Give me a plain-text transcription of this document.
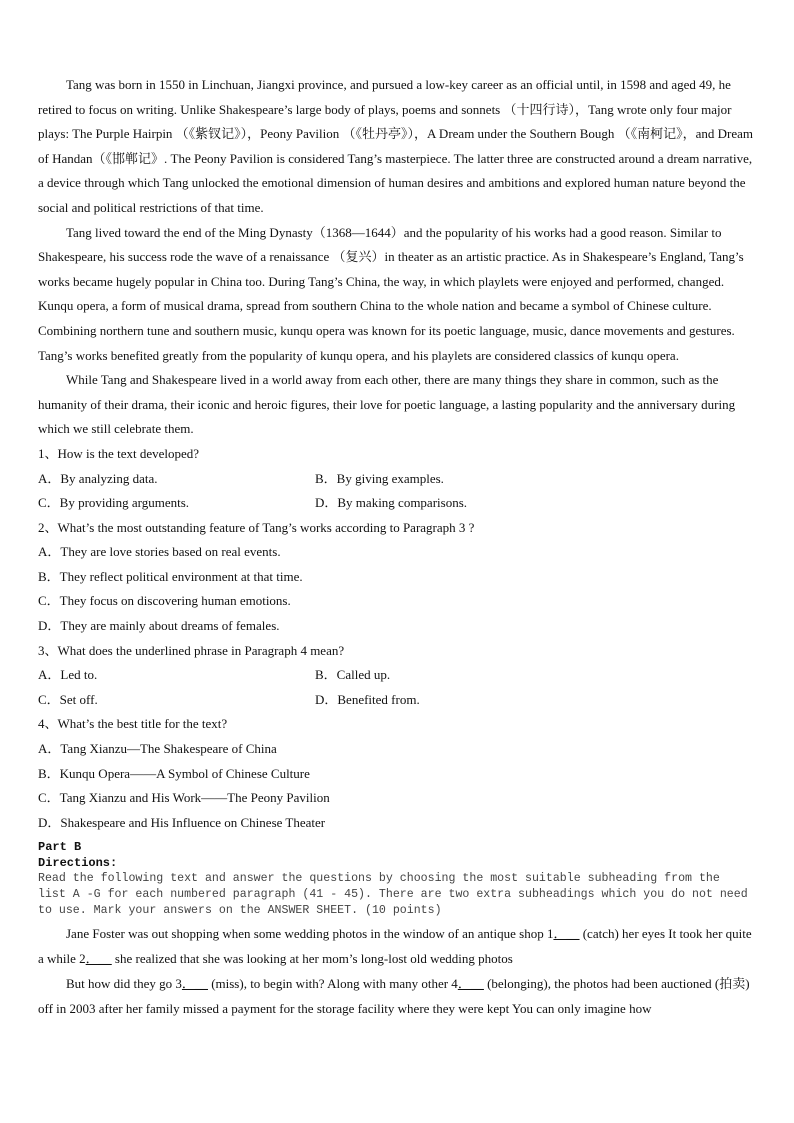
Tang was born in 1550 in Linchuan, Jiangxi province, and pursued a low-key career as an official until, in 1598 and aged 49, he retired to focus on writing. Unlike Shakespeare’s large body of plays, poems and sonnets （十四行诗），Tang wrote only four major plays: The Purple Hairpin （《紫钗记》），Peony Pavilion （《牡丹亭》），A Dream under the Southern Bough （《南柯记》，and Dream of Handan（《邯郸记》. The Peony Pavilion is considered Tang’s masterpiece. The latter three are constructed around a dream narrative, a device through which Tang unlocked the emotional dimension of human desires and ambitions and explored human nature beyond the social and political restrictions of that time.

Tang lived toward the end of the Ming Dynasty（1368—1644）and the popularity of his works had a good reason. Similar to Shakespeare, his success rode the wave of a renaissance （复兴）in theater as an artistic practice. As in Shakespeare’s England, Tang’s works became hugely popular in China too. During Tang’s China, the way, in which playlets were enjoyed and performed, changed. Kunqu opera, a form of musical drama, spread from southern China to the whole nation and became a symbol of Chinese culture. Combining northern tune and southern music, kunqu opera was known for its poetic language, music, dance movements and gestures. Tang’s works benefited greatly from the popularity of kunqu opera, and his playlets are considered classics of kunqu opera.

While Tang and Shakespeare lived in a world away from each other, there are many things they share in common, such as the humanity of their drama, their iconic and heroic figures, their love for poetic language, a lasting popularity and the anniversary during which we still celebrate them.

1、How is the text developed?

A．By analyzing data.	B．By giving examples.
C．By providing arguments.	D．By making comparisons.

2、What’s the most outstanding feature of Tang’s works according to Paragraph 3 ?

A．They are love stories based on real events.

B．They reflect political environment at that time.

C．They focus on discovering human emotions.

D．They are mainly about dreams of females.

3、What does the underlined phrase in Paragraph 4 mean?

A．Led to.	B．Called up.
C．Set off.	D．Benefited from.

4、What’s the best title for the text?

A．Tang Xianzu—The Shakespeare of China

B．Kunqu Opera——A Symbol of Chinese Culture

C．Tang Xianzu and His Work——The Peony Pavilion

D．Shakespeare and His Influence on Chinese Theater

Part B

Directions:

Read the following text and answer the questions by choosing the most suitable subheading from the

list A -G for each numbered paragraph (41 - 45). There are two extra subheadings which you do not need

to use. Mark your answers on the ANSWER SHEET. (10 points)

Jane Foster was out shopping when some wedding photos in the window of an antique shop 1．__ (catch) her eyes It took her quite a while 2．__ she realized that she was looking at her mom’s long-lost old wedding photos

But how did they go 3．__ (miss), to begin with? Along with many other 4．__ (belonging), the photos had been auctioned (拍卖) off in 2003 after her family missed a payment for the storage facility where they were kept You can only imagine how
